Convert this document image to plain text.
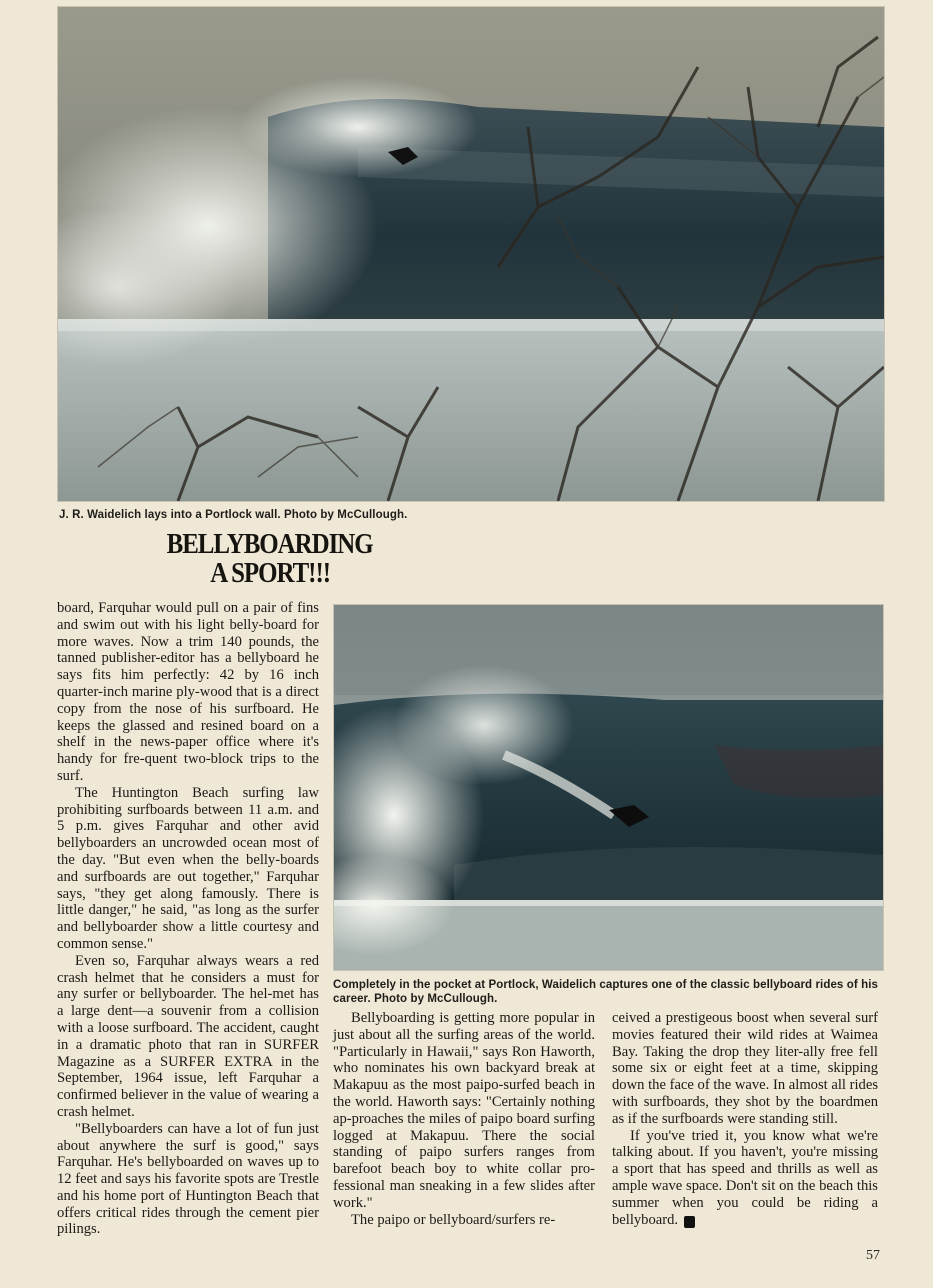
J. R. Waidelich lays into a Portlock wall. Photo by McCullough.
BELLYBOARDING
A SPORT!!!

board, Farquhar would pull on a pair of fins and swim out with his light belly-board for more waves. Now a trim 140 pounds, the tanned publisher-editor has a bellyboard he says fits him perfectly: 42 by 16 inch quarter-inch marine ply-wood that is a direct copy from the nose of his surfboard. He keeps the glassed and resined board on a shelf in the news-paper office where it's handy for fre-quent two-block trips to the surf.

The Huntington Beach surfing law prohibiting surfboards between 11 a.m. and 5 p.m. gives Farquhar and other avid bellyboarders an uncrowded ocean most of the day. "But even when the belly-boards and surfboards are out together," Farquhar says, "they get along famously. There is little danger," he said, "as long as the surfer and bellyboarder show a little courtesy and common sense."

Even so, Farquhar always wears a red crash helmet that he considers a must for any surfer or bellyboarder. The hel-met has a large dent—a souvenir from a collision with a loose surfboard. The accident, caught in a dramatic photo that ran in SURFER Magazine as a SURFER EXTRA in the September, 1964 issue, left Farquhar a confirmed believer in the value of wearing a crash helmet.

"Bellyboarders can have a lot of fun just about anywhere the surf is good," says Farquhar. He's bellyboarded on waves up to 12 feet and says his favorite spots are Trestle and his home port of Huntington Beach that offers critical rides through the cement pier pilings.

Completely in the pocket at Portlock, Waidelich captures one of the classic bellyboard rides of his career. Photo by McCullough.

Bellyboarding is getting more popular in just about all the surfing areas of the world. "Particularly in Hawaii," says Ron Haworth, who nominates his own backyard break at Makapuu as the most paipo-surfed beach in the world. Haworth says: "Certainly nothing ap-proaches the miles of paipo board surfing logged at Makapuu. There the social standing of paipo surfers ranges from barefoot beach boy to white collar pro-fessional man sneaking in a few slides after work."

The paipo or bellyboard/surfers re-

ceived a prestigeous boost when several surf movies featured their wild rides at Waimea Bay. Taking the drop they liter-ally free fell some six or eight feet at a time, skipping down the face of the wave. In almost all rides with surfboards, they shot by the boardmen as if the surfboards were standing still.

If you've tried it, you know what we're talking about. If you haven't, you're missing a sport that has speed and thrills as well as ample wave space. Don't sit on the beach this summer when you could be riding a bellyboard.	S

57
